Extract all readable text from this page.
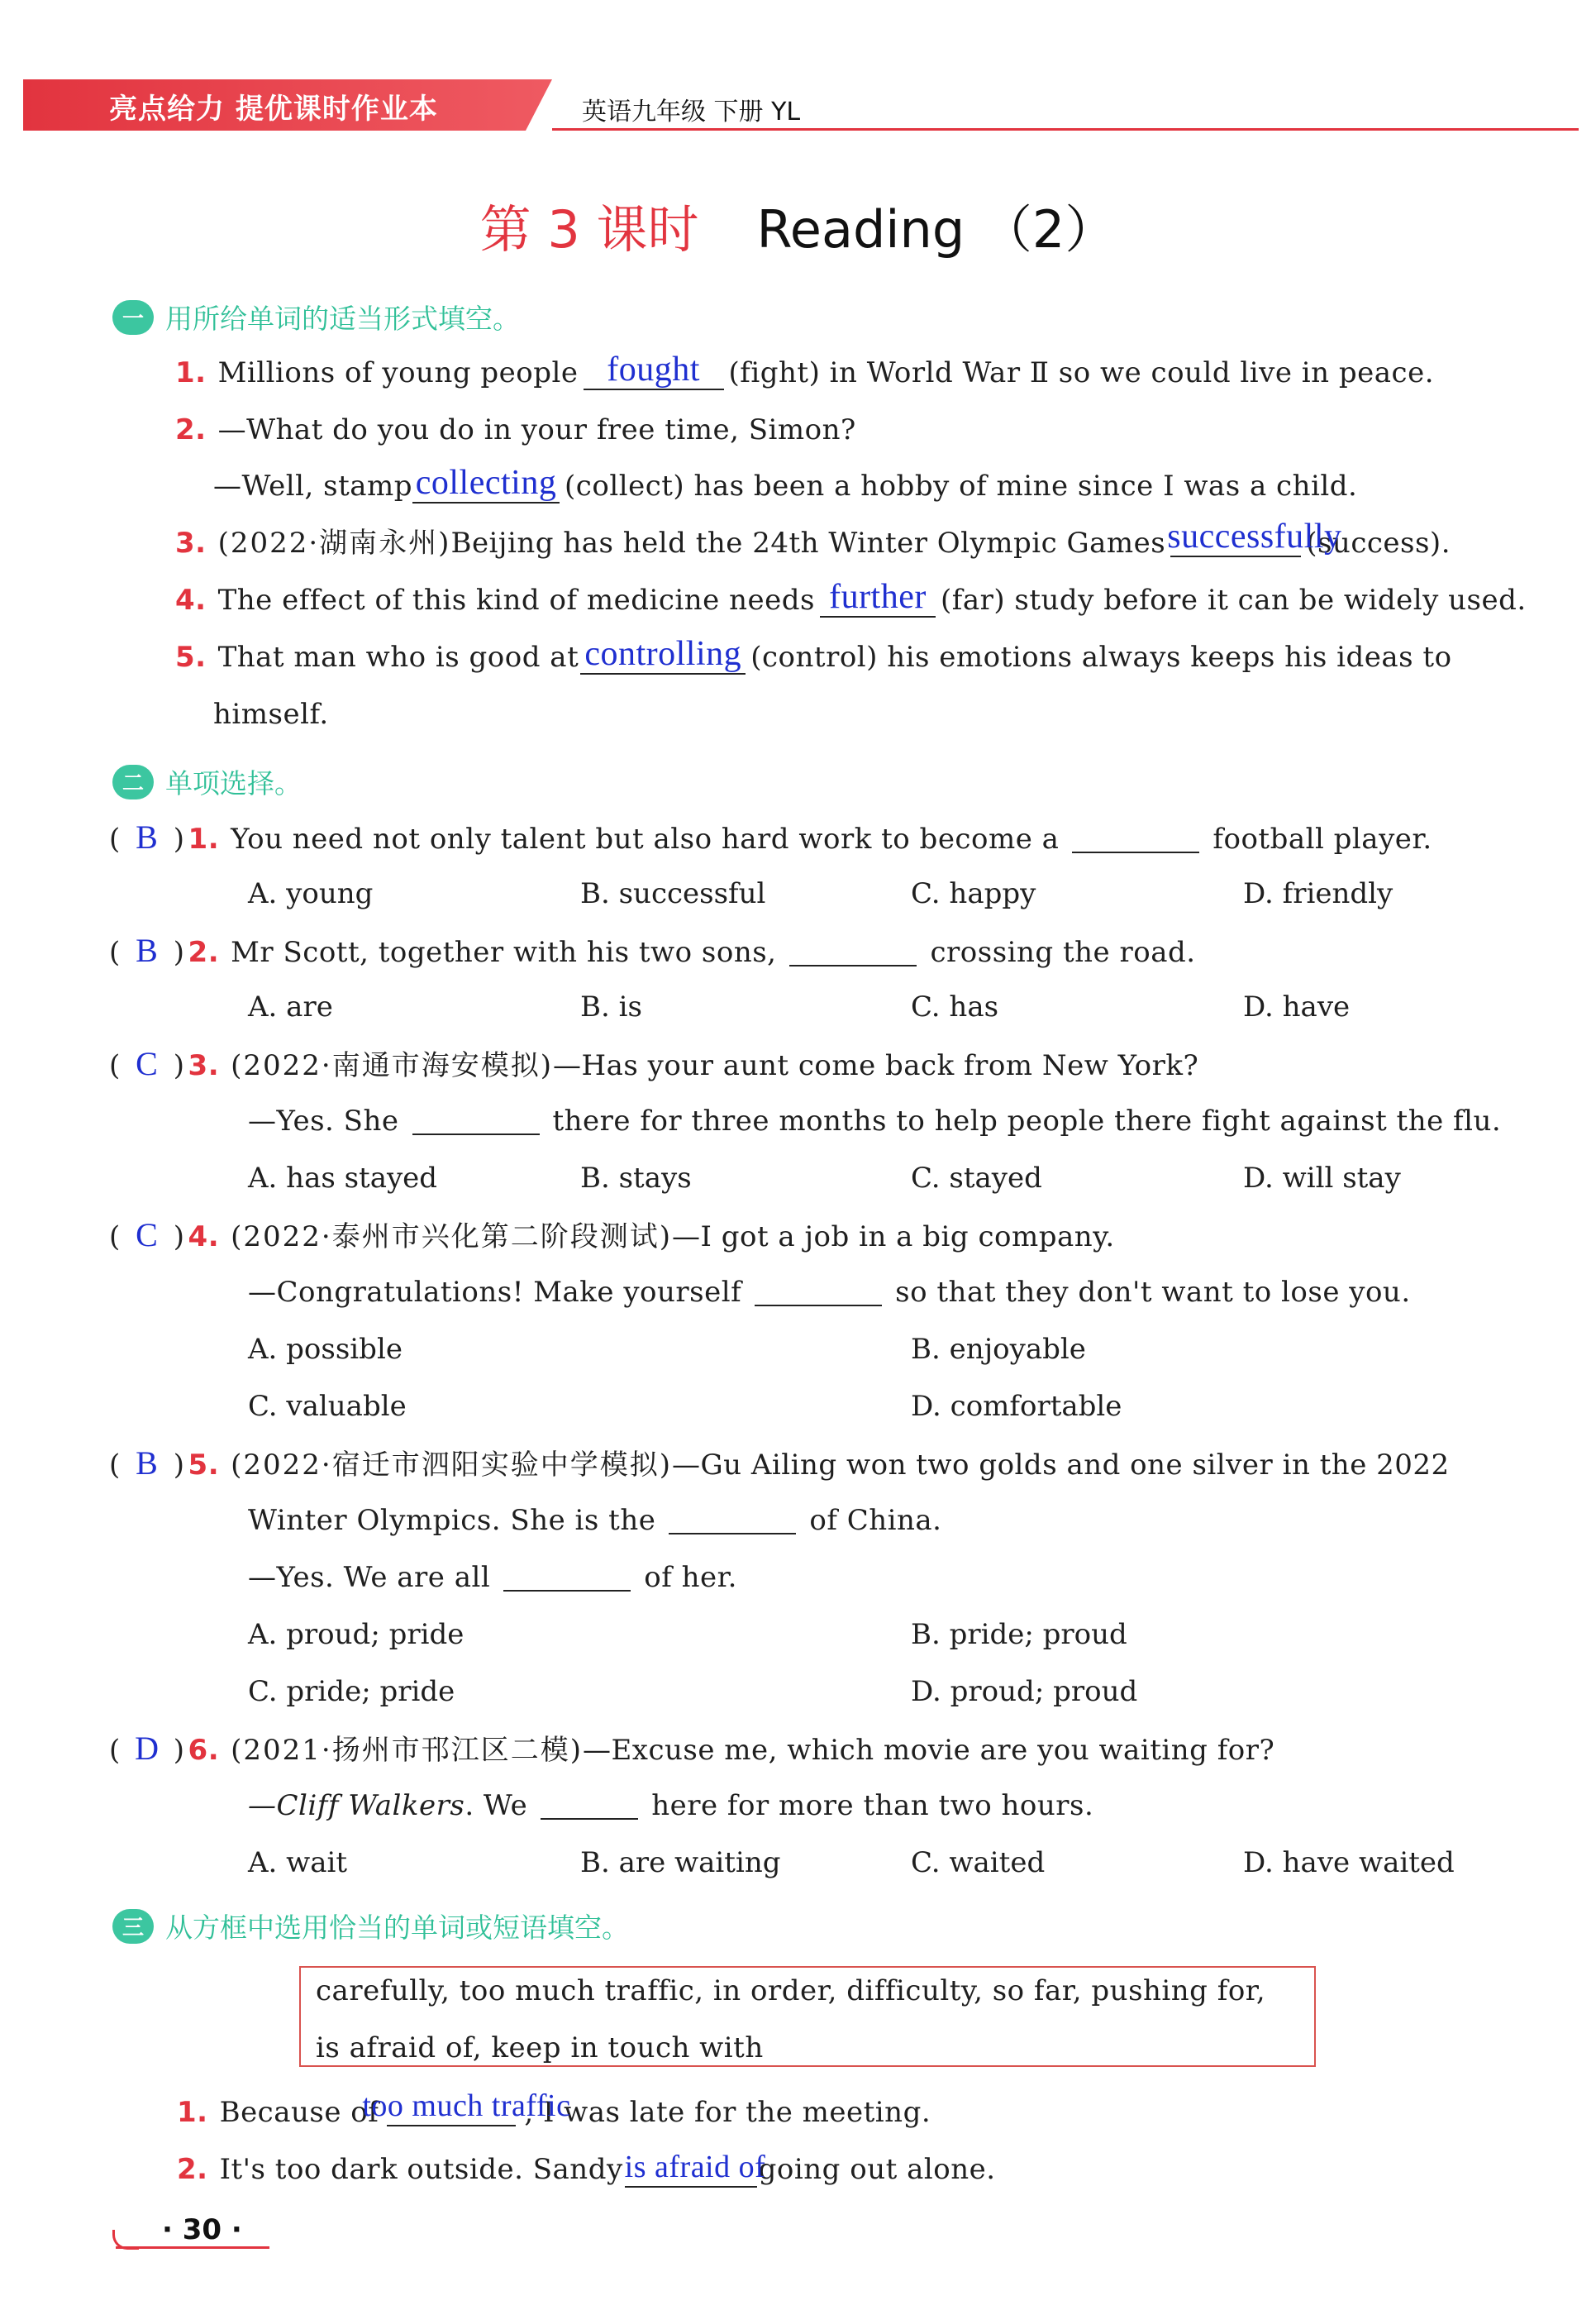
亮点给力 提优课时作业本	英语九年级 下册 YL
第 3 课时 Reading （2）
一 用所给单词的适当形式填空。
1. Millions of young people fought (fight) in World War Ⅱ so we could live in peace.
2. —What do you do in your free time, Simon?
—Well, stampcollecting (collect) has been a hobby of mine since I was a child.
3. (2022·湖南永州)Beijing has held the 24th Winter Olympic Games successfully
(success).
4. The effect of this kind of medicine needs further (far) study before it can be widely used.
5. That man who is good at controlling (control) his emotions always keeps his ideas to
himself.
二 单项选择。
( B ) 1. You need not only talent but also hard work to become a	football player.
A. young	B. successful	C. happy	D. friendly
( B ) 2. Mr Scott, together with his two sons,	crossing the road.
A. are	B. is	C. has	D. have
( C ) 3. (2022·南通市海安模拟)—Has your aunt come back from New York?
—Yes. She	there for three months to help people there fight against the flu.
A. has stayed	B. stays	C. stayed	D. will stay
( C ) 4. (2022·泰州市兴化第二阶段测试)—I got a job in a big company.
—Congratulations! Make yourself	so that they don't want to lose you.
A. possible	B. enjoyable
C. valuable	D. comfortable
( B ) 5. (2022·宿迁市泗阳实验中学模拟)—Gu Ailing won two golds and one silver in the 2022
Winter Olympics. She is the	of China.
—Yes. We are all	of her.
A. proud; pride	B. pride; proud
C. pride; pride	D. proud; proud
( D ) 6. (2021·扬州市邗江区二模)—Excuse me, which movie are you waiting for?
—Cliff Walkers. We	here for more than two hours.
A. wait	B. are waiting	C. waited	D. have waited
三 从方框中选用恰当的单词或短语填空。
carefully, too much traffic, in order, difficulty, so far, pushing for,
is afraid of, keep in touch with
1. Because of
too much traffic
, I was late for the meeting.
2. It's too dark outside. Sandyis afraid ofgoing out alone.
· 30 ·
